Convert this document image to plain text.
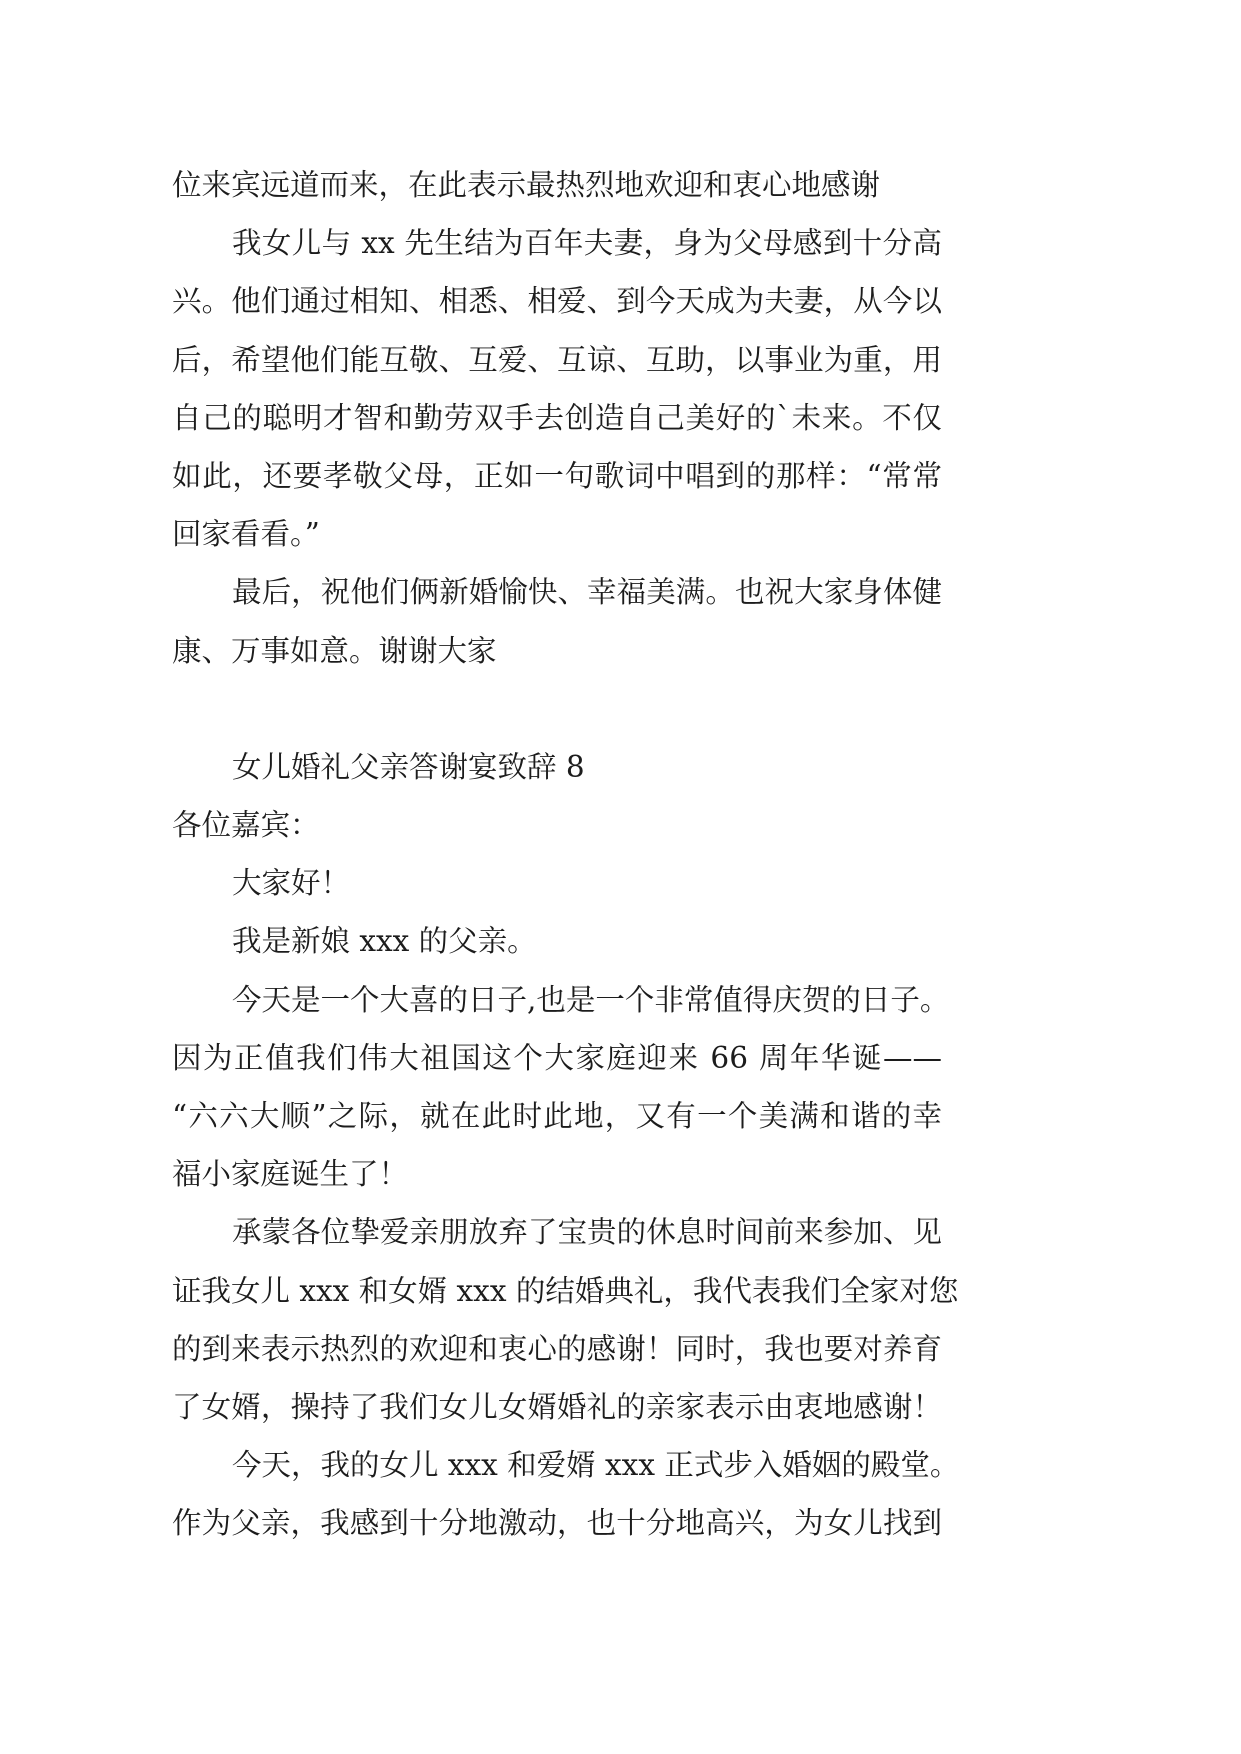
位来宾远道而来，在此表示最热烈地欢迎和衷心地感谢
我女儿与 xx 先生结为百年夫妻，身为父母感到十分高
兴。他们通过相知、相悉、相爱、到今天成为夫妻，从今以
后，希望他们能互敬、互爱、互谅、互助，以事业为重，用
自己的聪明才智和勤劳双手去创造自己美好的`未来。不仅
如此，还要孝敬父母，正如一句歌词中唱到的那样：“常常
回家看看。”
最后，祝他们俩新婚愉快、幸福美满。也祝大家身体健
康、万事如意。谢谢大家
女儿婚礼父亲答谢宴致辞 8
各位嘉宾：
大家好！
我是新娘 xxx 的父亲。
今天是一个大喜的日子,也是一个非常值得庆贺的日子。
因为正值我们伟大祖国这个大家庭迎来 66 周年华诞——
“六六大顺”之际，就在此时此地，又有一个美满和谐的幸
福小家庭诞生了！
承蒙各位挚爱亲朋放弃了宝贵的休息时间前来参加、见
证我女儿 xxx 和女婿 xxx 的结婚典礼，我代表我们全家对您
的到来表示热烈的欢迎和衷心的感谢！同时，我也要对养育
了女婿，操持了我们女儿女婿婚礼的亲家表示由衷地感谢！
今天，我的女儿 xxx 和爱婿 xxx 正式步入婚姻的殿堂。
作为父亲，我感到十分地激动，也十分地高兴，为女儿找到
